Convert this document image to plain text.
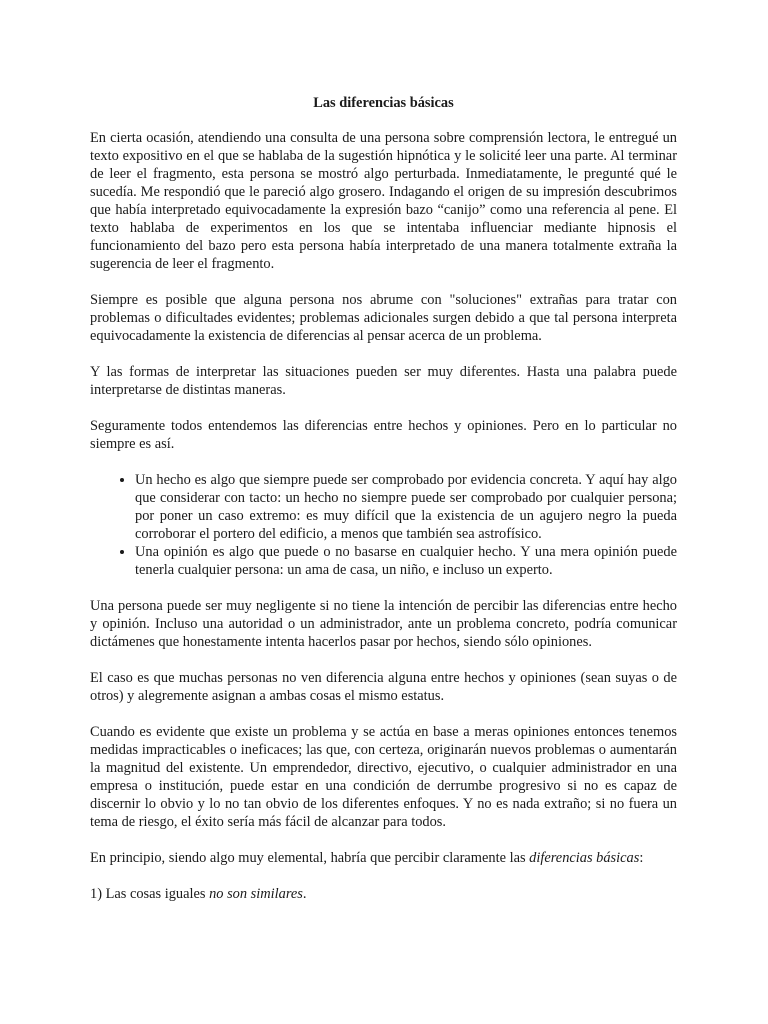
Las diferencias básicas

En cierta ocasión, atendiendo una consulta de una persona sobre comprensión lectora, le entregué un texto expositivo en el que se hablaba de la sugestión hipnótica y le solicité leer una parte. Al terminar de leer el fragmento, esta persona se mostró algo perturbada. Inmediatamente, le pregunté qué le sucedía. Me respondió que le pareció algo grosero. Indagando el origen de su impresión descubrimos que había interpretado equivocadamente la expresión bazo “canijo” como una referencia al pene. El texto hablaba de experimentos en los que se intentaba influenciar mediante hipnosis el funcionamiento del bazo pero esta persona había interpretado de una manera totalmente extraña la sugerencia de leer el fragmento.

Siempre es posible que alguna persona nos abrume con "soluciones" extrañas para tratar con problemas o dificultades evidentes; problemas adicionales surgen debido a que tal persona interpreta equivocadamente la existencia de diferencias al pensar acerca de un problema.

Y las formas de interpretar las situaciones pueden ser muy diferentes. Hasta una palabra puede interpretarse de distintas maneras.

Seguramente todos entendemos las diferencias entre hechos y opiniones. Pero en lo particular no siempre es así.

• Un hecho es algo que siempre puede ser comprobado por evidencia concreta. Y aquí hay algo que considerar con tacto: un hecho no siempre puede ser comprobado por cualquier persona; por poner un caso extremo: es muy difícil que la existencia de un agujero negro la pueda corroborar el portero del edificio, a menos que también sea astrofísico.
• Una opinión es algo que puede o no basarse en cualquier hecho. Y una mera opinión puede tenerla cualquier persona: un ama de casa, un niño, e incluso un experto.

Una persona puede ser muy negligente si no tiene la intención de percibir las diferencias entre hecho y opinión. Incluso una autoridad o un administrador, ante un problema concreto, podría comunicar dictámenes que honestamente intenta hacerlos pasar por hechos, siendo sólo opiniones.

El caso es que muchas personas no ven diferencia alguna entre hechos y opiniones (sean suyas o de otros) y alegremente asignan a ambas cosas el mismo estatus.

Cuando es evidente que existe un problema y se actúa en base a meras opiniones entonces tenemos medidas impracticables o ineficaces; las que, con certeza, originarán nuevos problemas o aumentarán la magnitud del existente. Un emprendedor, directivo, ejecutivo, o cualquier administrador en una empresa o institución, puede estar en una condición de derrumbe progresivo si no es capaz de discernir lo obvio y lo no tan obvio de los diferentes enfoques. Y no es nada extraño; si no fuera un tema de riesgo, el éxito sería más fácil de alcanzar para todos.

En principio, siendo algo muy elemental, habría que percibir claramente las diferencias básicas:

1) Las cosas iguales no son similares.
